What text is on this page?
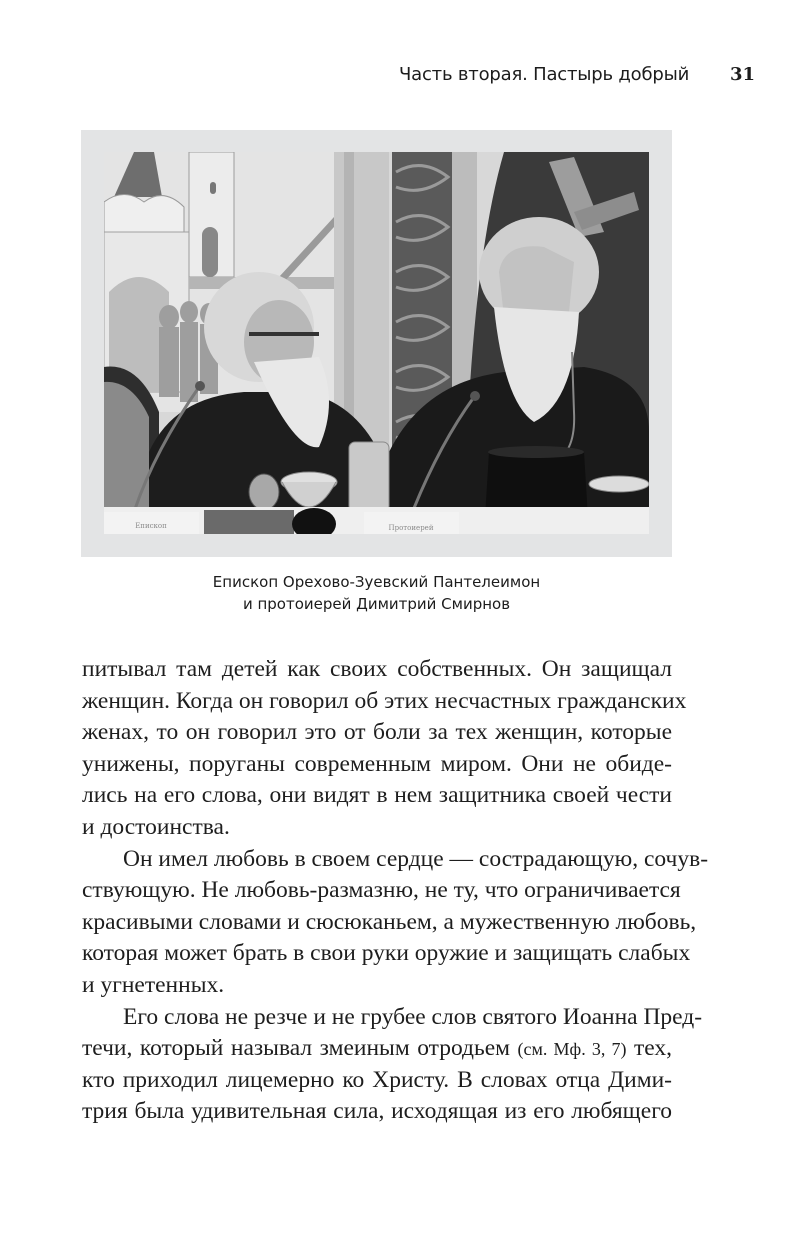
Часть вторая. Пастырь добрый 31
Епископ	Протоиерей
Епископ Орехово-Зуевский Пантелеимон
и протоиерей Димитрий Смирнов
питывал там детей как своих собственных. Он защищал
женщин. Когда он говорил об этих несчастных гражданских
женах, то он говорил это от боли за тех женщин, которые
унижены, поруганы современным миром. Они не обиде-
лись на его слова, они видят в нем защитника своей чести
и достоинства.
Он имел любовь в своем сердце — сострадающую, сочув-
ствующую. Не любовь-размазню, не ту, что ограничивается
красивыми словами и сюсюканьем, а мужественную любовь,
которая может брать в свои руки оружие и защищать слабых
и угнетенных.
Его слова не резче и не грубее слов святого Иоанна Пред-
течи, который называл змеиным отродьем (см. Мф. 3, 7) тех,
кто приходил лицемерно ко Христу. В словах отца Дими-
трия была удивительная сила, исходящая из его любящего
